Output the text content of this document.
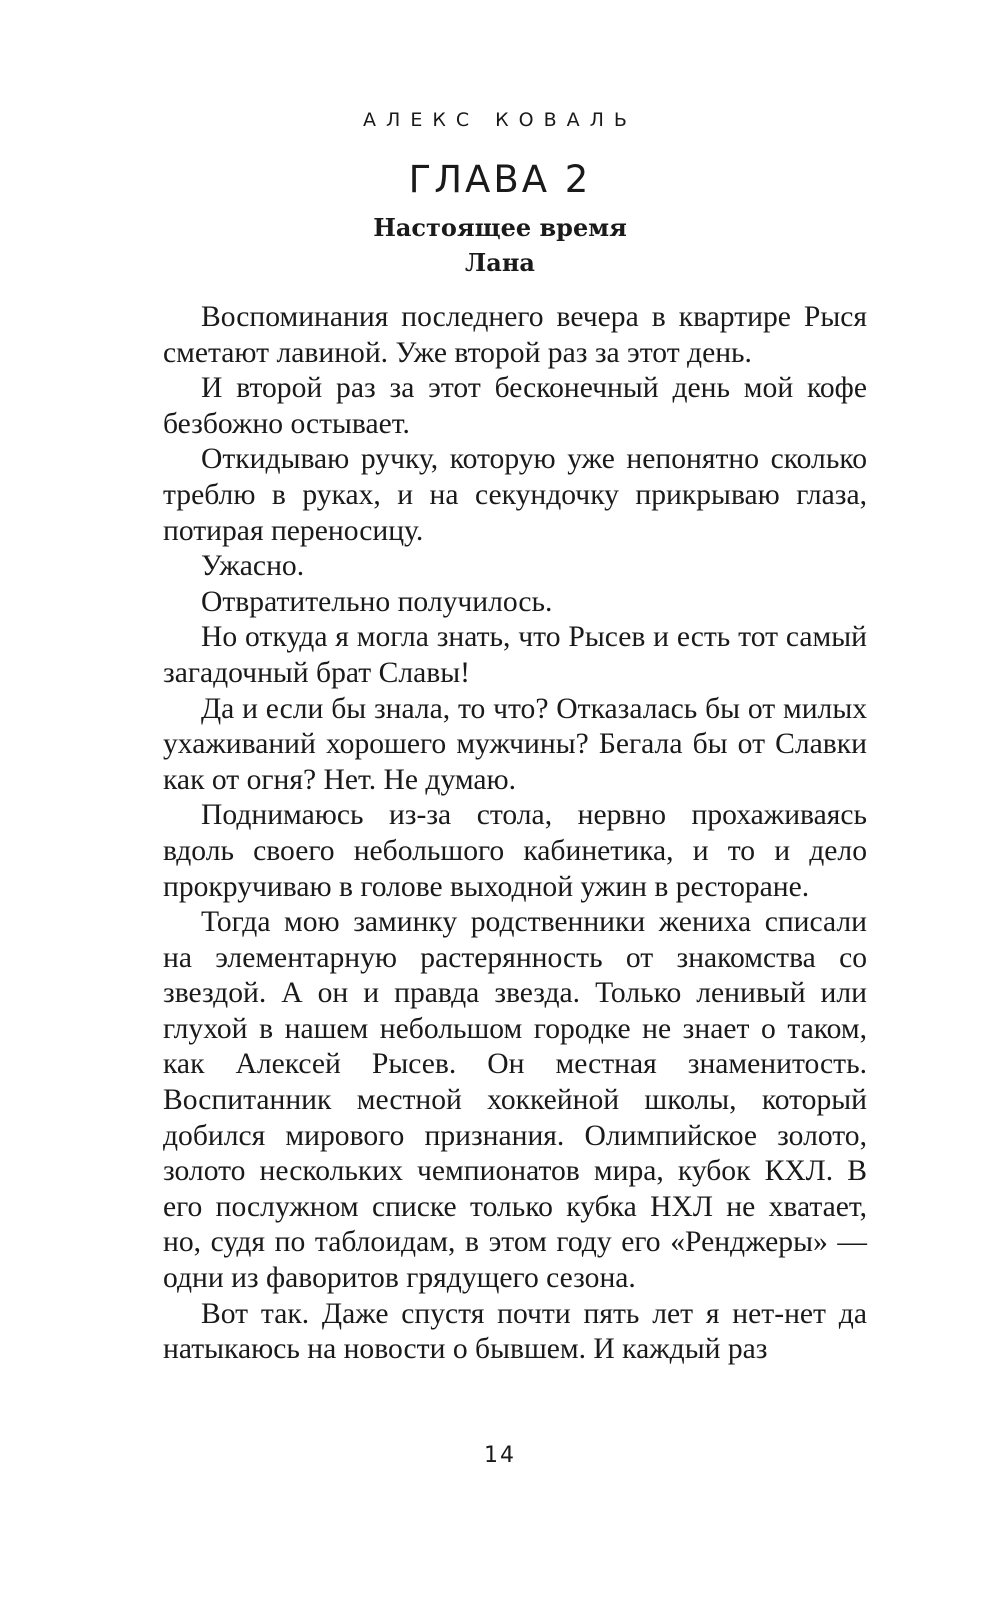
АЛЕКС КОВАЛЬ
ГЛАВА 2
Настоящее время
Лана

Воспоминания последнего вечера в квартире Рыся сметают лавиной. Уже второй раз за этот день.

И второй раз за этот бесконечный день мой кофе безбожно остывает.

Откидываю ручку, которую уже непонятно сколько треблю в руках, и на секундочку прикрываю глаза, потирая переносицу.

Ужасно.

Отвратительно получилось.

Но откуда я могла знать, что Рысев и есть тот самый загадочный брат Славы!

Да и если бы знала, то что? Отказалась бы от милых ухаживаний хорошего мужчины? Бегала бы от Славки как от огня? Нет. Не думаю.

Поднимаюсь из-за стола, нервно прохаживаясь вдоль своего небольшого кабинетика, и то и дело прокручиваю в голове выходной ужин в ресторане.

Тогда мою заминку родственники жениха списали на элементарную растерянность от знакомства со звездой. А он и правда звезда. Только ленивый или глухой в нашем небольшом городке не знает о таком, как Алексей Рысев. Он местная знаменитость. Воспитанник местной хоккейной школы, который добился мирового признания. Олимпийское золото, золото нескольких чемпионатов мира, кубок КХЛ. В его послужном списке только кубка НХЛ не хватает, но, судя по таблоидам, в этом году его «Ренджеры» — одни из фаворитов грядущего сезона.

Вот так. Даже спустя почти пять лет я нет-нет да натыкаюсь на новости о бывшем. И каждый раз

14
